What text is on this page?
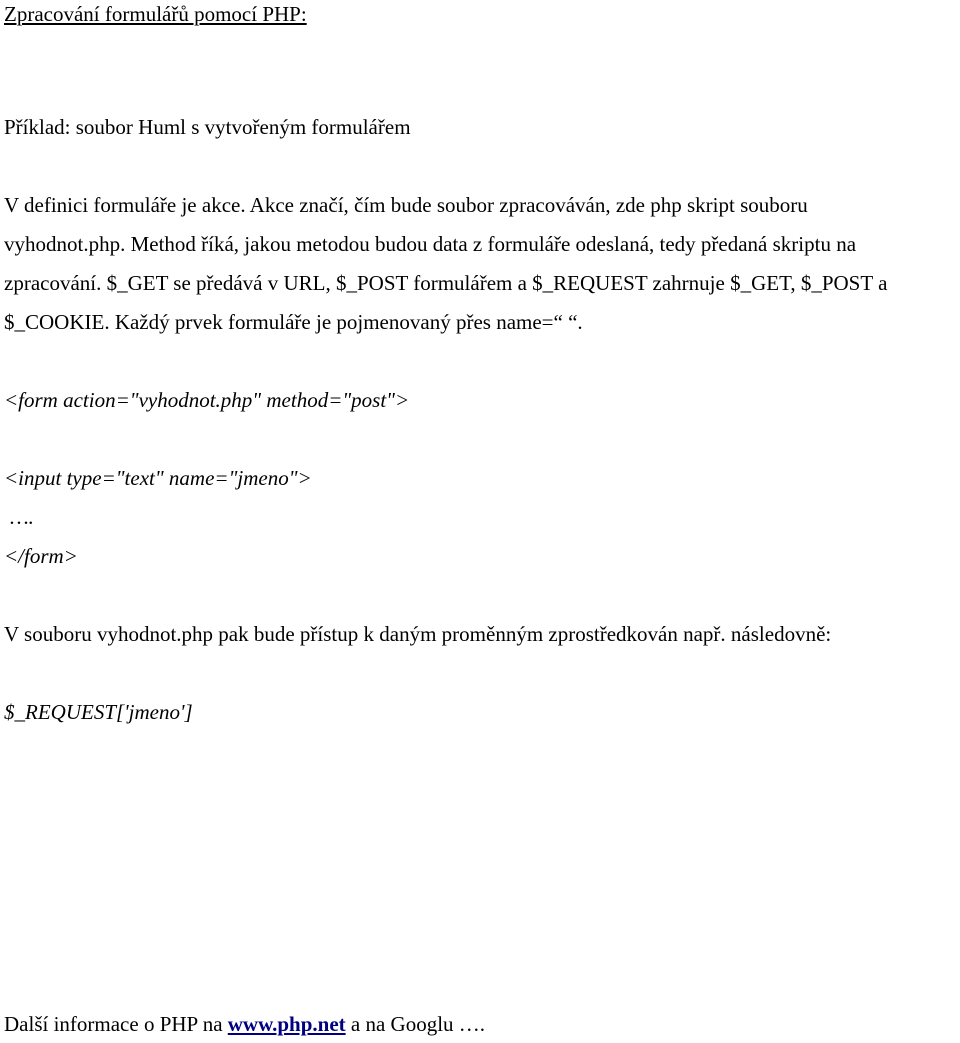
Zpracování formulářů pomocí PHP:
Příklad: soubor Huml s vytvořeným formulářem
V definici formuláře je akce. Akce značí, čím bude soubor zpracováván, zde php skript souboru
vyhodnot.php. Method říká, jakou metodou budou data z formuláře odeslaná, tedy předaná skriptu na
zpracování. $_GET se předává v URL, $_POST formulářem a $_REQUEST zahrnuje $_GET, $_POST a
$_COOKIE. Každý prvek formuláře je pojmenovaný přes name=“ “.
<form action="vyhodnot.php" method="post">
<input type="text" name="jmeno">
….
</form>
V souboru vyhodnot.php pak bude přístup k daným proměnným zprostředkován např. následovně:
$_REQUEST['jmeno']
Další informace o PHP na www.php.net a na Googlu ….
